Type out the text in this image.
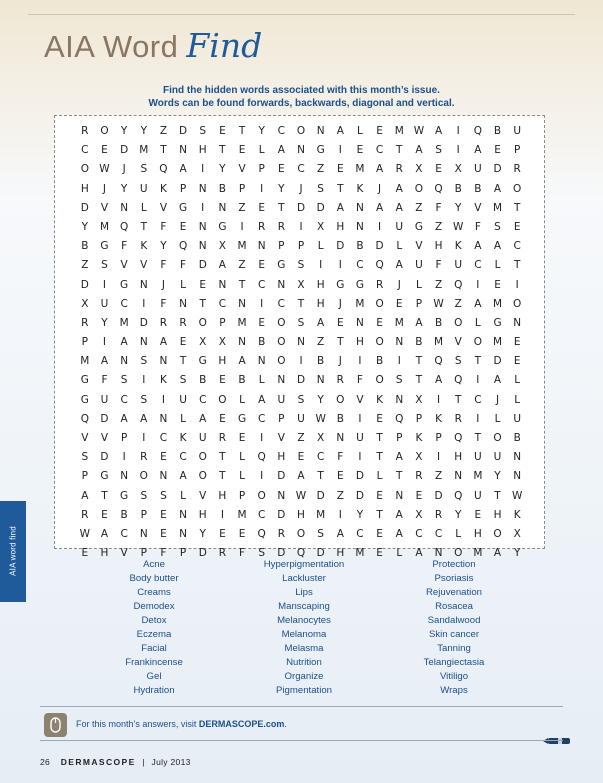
AIA Word Find
Find the hidden words associated with this month’s issue.
Words can be found forwards, backwards, diagonal and vertical.
R	O	Y	Y	Z	D	S	E	T	Y	C	O	N	A	L	E	M W	A	I	Q	B	U
C	E	D	M	T	N	H	T	E	L	A	N	G	I	E	C	T	A	S	I	A	E	P
O W	J	S	Q	A	I	Y	V	P	E	C	Z	E	M	A	R	X	E	X	U	D	R
H	J	Y	U	K	P	N	B	P	I	Y	J	S	T	K	J	A	O	Q	B	B	A	O
D	V	N	L	V	G	I	N	Z	E	T	D	D	A	N	A	A	Z	F	Y	V	M	T
Y	M	Q	T	F	E	N	G	I	R	R	I	X	H	N	I	U	G	Z	W	F	S	E
B	G	F	K	Y	Q	N	X	M	N	P	P	L	D	B	D	L	V	H	K	A	A	C
Z	S	V	V	F	F	D	A	Z	E	G	S	I	I	C	Q	A	U	F	U	C	L	T
D	I	G	N	J	L	E	N	T	C	N	X	H	G	G	R	J	L	Z	Q	I	E	I
X	U	C	I	F	N	T	C	N	I	C	T	H	J	M	O	E	P	W	Z	A	M	O
R	Y	M	D	R	R	O	P	M	E	O	S	A	E	N	E	M	A	B	O	L	G	N
P	I	A	N	A	E	X	X	N	B	O	N	Z	T	H	O	N	B	M	V	O	M	E
M	A	N	S	N	T	G	H	A	N	O	I	B	J	I	B	I	T	Q	S	T	D	E
G	F	S	I	K	S	B	E	B	L	N	D	N	R	F	O	S	T	A	Q	I	A	L
G	U	C	S	I	U	C	O	L	A	U	S	Y	O	V	K	N	X	I	T	C	J	L
Q	D	A	A	N	L	A	E	G	C	P	U	W	B	I	E	Q	P	K	R	I	L	U
V	V	P	I	C	K	U	R	E	I	V	Z	X	N	U	T	P	K	P	Q	T	O	B
S	D	I	R	E	C	O	T	L	Q	H	E	C	F	I	T	A	X	I	H	U	U	N
P	G	N	O	N	A	O	T	L	I	D	A	T	E	D	L	T	R	Z	N	M	Y	N
A	T	G	S	S	L	V	H	P	O	N	W D	Z	D	E	N	E	D	Q	U	T	W
R	E	B	P	E	N	H	I	M	C	D	H	M	I	Y	T	A	X	R	Y	E	H	K
W	A	C	N	E	N	Y	E	E	Q	R	O	S	A	C	E	A	C	C	L	H	O	X
E	H	V	P	F	P	D	R	F	S	D	Q	D	H	M	E	L	A	N	O	M	A	Y
Acne
Body butter
Creams
Demodex
Detox
Eczema
Facial
Frankincense
Gel
Hydration
Hyperpigmentation
Lackluster
Lips
Manscaping
Melanocytes
Melanoma
Melasma
Nutrition
Organize
Pigmentation
Protection
Psoriasis
Rejuvenation
Rosacea
Sandalwood
Skin cancer
Tanning
Telangiectasia
Vitiligo
Wraps
AIA word find
For this month’s answers, visit DERMASCOPE.com.
26 DERMASCOPE | July 2013
